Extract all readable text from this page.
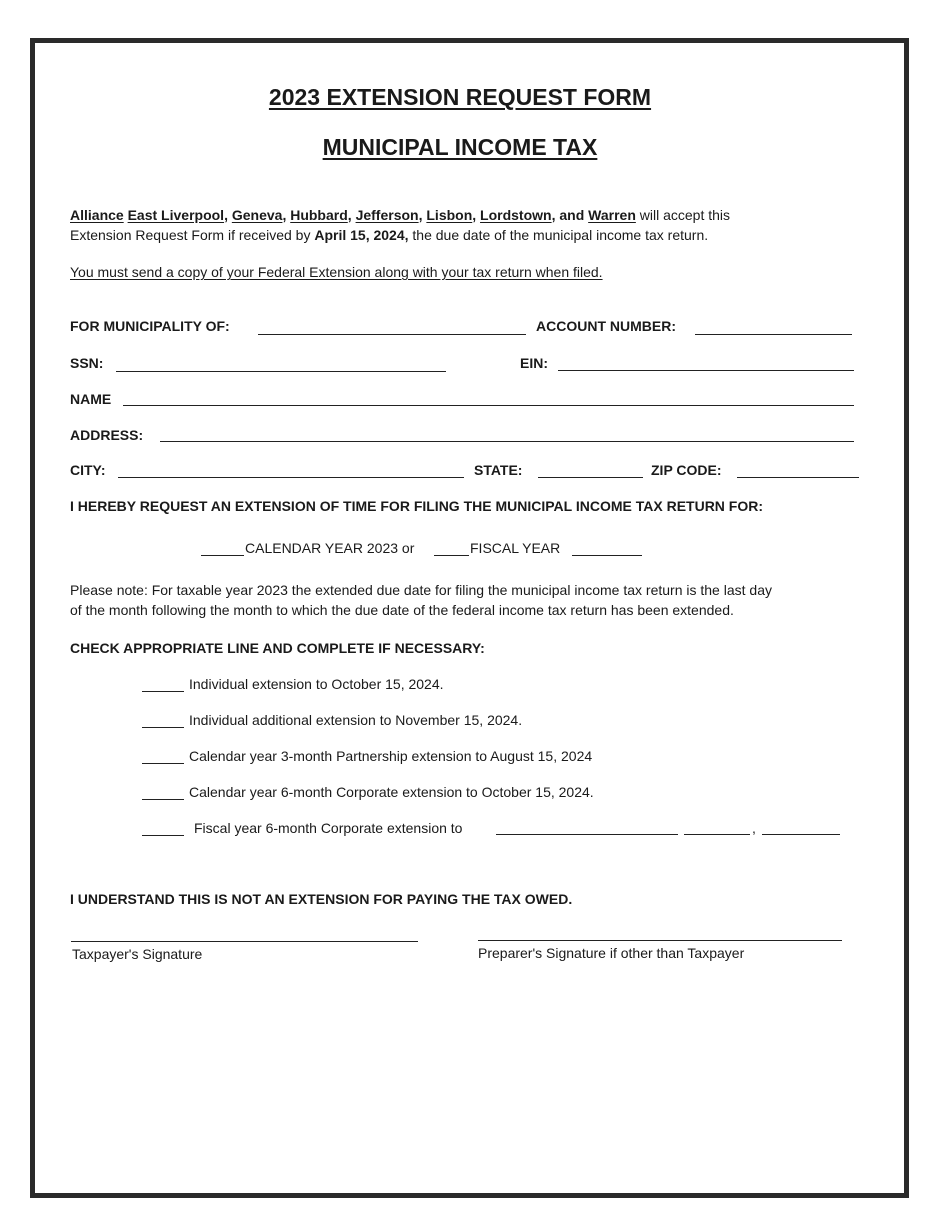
2023 EXTENSION REQUEST FORM
MUNICIPAL INCOME TAX
Alliance East Liverpool, Geneva, Hubbard, Jefferson, Lisbon, Lordstown, and Warren will accept this
Extension Request Form if received by April 15, 2024, the due date of the municipal income tax return.
You must send a copy of your Federal Extension along with your tax return when filed.
FOR MUNICIPALITY OF:	ACCOUNT NUMBER:
SSN:	EIN:
NAME
ADDRESS:
CITY:	STATE:	ZIP CODE:
I HEREBY REQUEST AN EXTENSION OF TIME FOR FILING THE MUNICIPAL INCOME TAX RETURN FOR:
CALENDAR YEAR 2023 or	FISCAL YEAR
Please note: For taxable year 2023 the extended due date for filing the municipal income tax return is the last day
of the month following the month to which the due date of the federal income tax return has been extended.
CHECK APPROPRIATE LINE AND COMPLETE IF NECESSARY:
Individual extension to October 15, 2024.
Individual additional extension to November 15, 2024.
Calendar year 3-month Partnership extension to August 15, 2024
Calendar year 6-month Corporate extension to October 15, 2024.
Fiscal year 6-month Corporate extension to	,
I UNDERSTAND THIS IS NOT AN EXTENSION FOR PAYING THE TAX OWED.
Taxpayer's Signature	Preparer's Signature if other than Taxpayer
